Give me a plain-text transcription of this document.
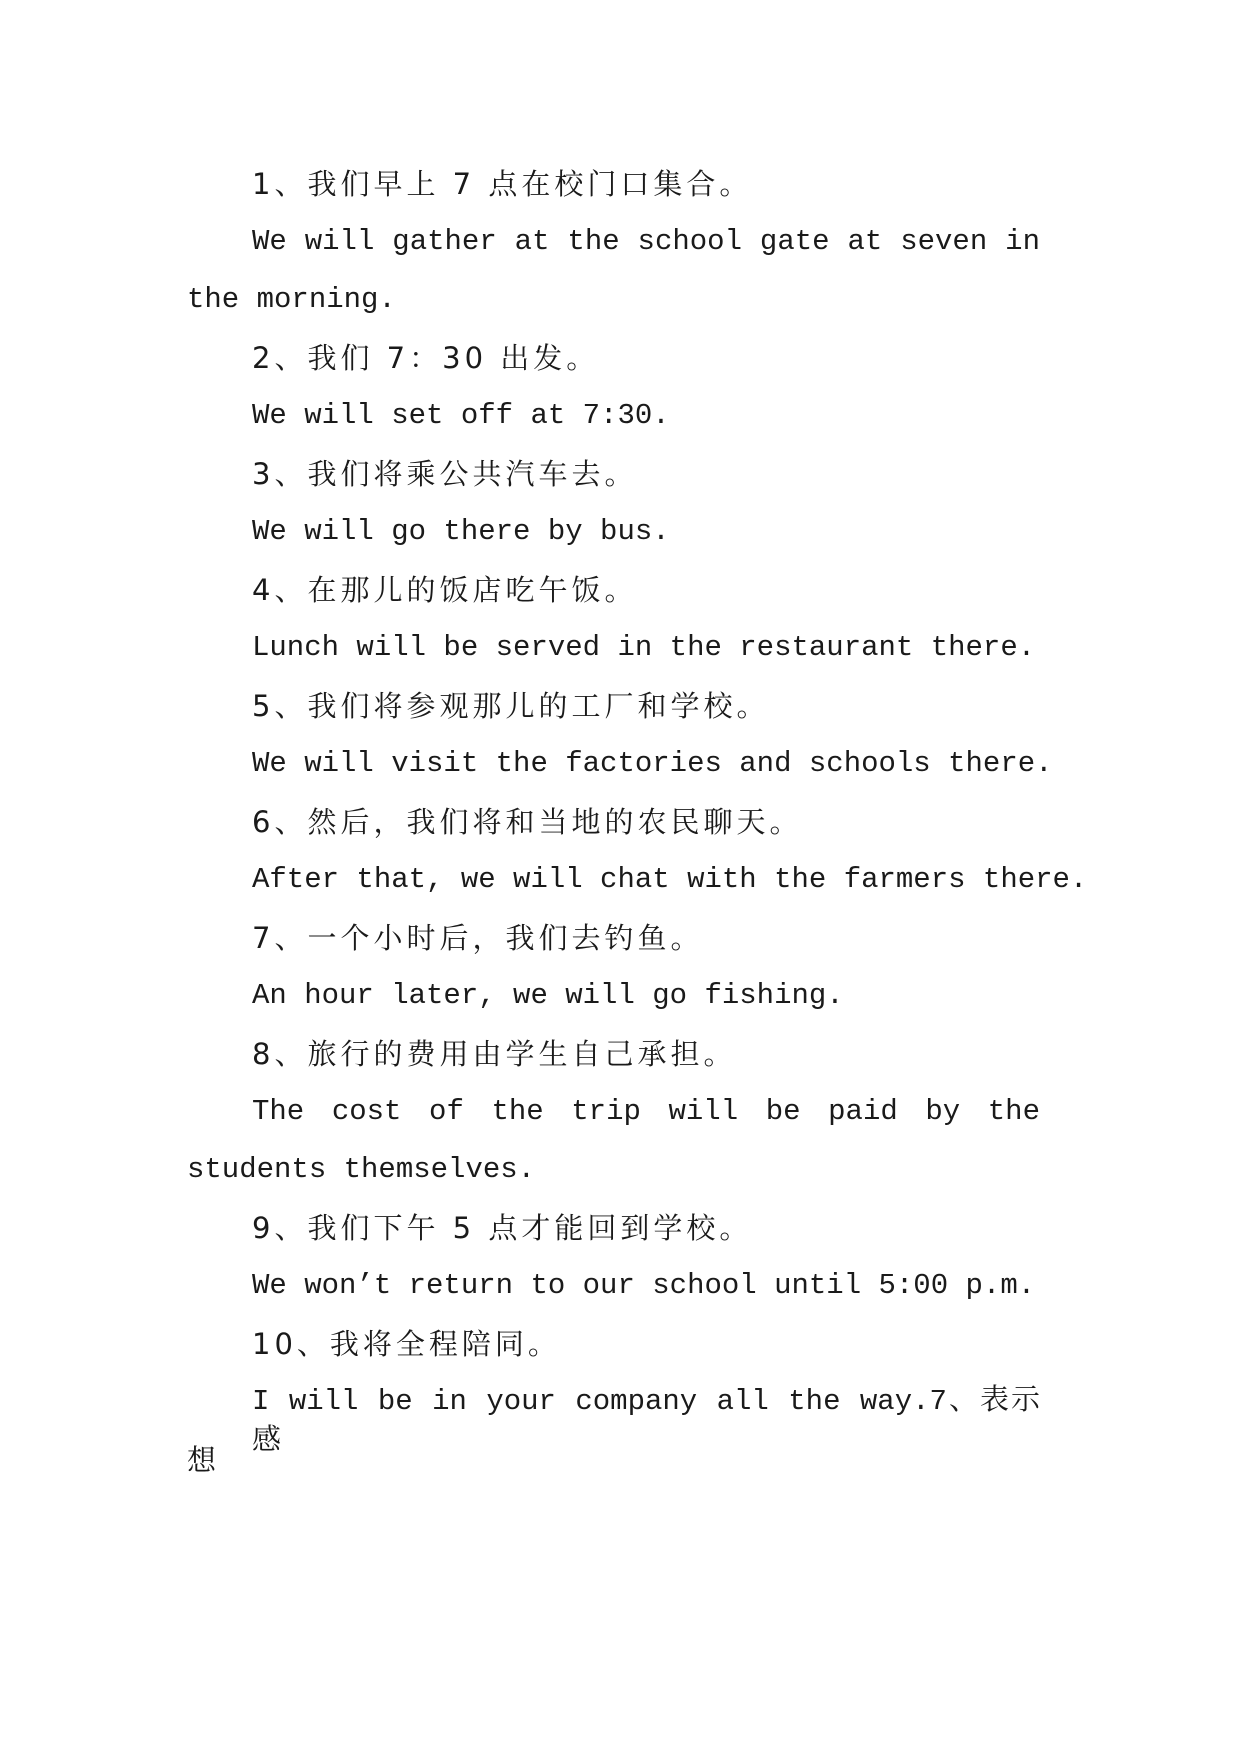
1、我们早上 7 点在校门口集合。

We will gather at the school gate at seven in

the morning.

2、我们 7：30 出发。

We will set off at 7:30.

3、我们将乘公共汽车去。

We will go there by bus.

4、在那儿的饭店吃午饭。

Lunch will be served in the restaurant there.

5、我们将参观那儿的工厂和学校。

We will visit the factories and schools there.

6、然后，我们将和当地的农民聊天。

After that, we will chat with the farmers there.

7、一个小时后，我们去钓鱼。

An hour later, we will go fishing.

8、旅行的费用由学生自己承担。

The cost of the trip will be paid by the

students themselves.

9、我们下午 5 点才能回到学校。

We won’t return to our school until 5:00 p.m.

10、我将全程陪同。

I will be in your company all the way.7、表示感

想
